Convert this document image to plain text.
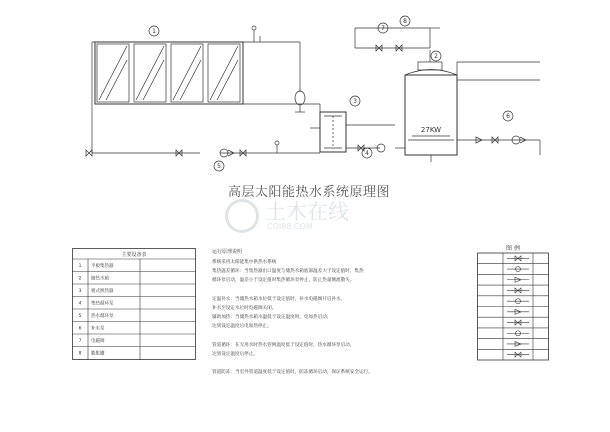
1
2
3
4
5
6
7
8
27KW
高层太阳能热水系统原理图
土木在线
COI88.COM
主要设备表
1 平板集热器
2 储热水箱
3 板式换热器
4 集热循环泵
5 热水循环泵
6 补水泵
7 电磁阀
8 膨胀罐
运行原理说明
系统采用太阳能集中供热水系统
集热温差循环：当集热器出口温度与储热水箱底部温差大于设定值时，集热
循环泵启动，温差小于设定值时集热循环泵停止，防止热量倒流散失。
定温补水：当储热水箱水位低于设定值时，补水电磁阀开启补水，
补水至设定水位时电磁阀关闭。
辅助加热：当储热水箱水温低于设定温度时，电加热启动，
达到设定温度后电加热停止。
管道循环：在无用水时热水管网温度低于设定值时，热水循环泵启动，
达到设定温度后停止。
管道防冻：当室外管道温度低于设定值时，防冻循环启动，保证系统安全运行。
图 例
